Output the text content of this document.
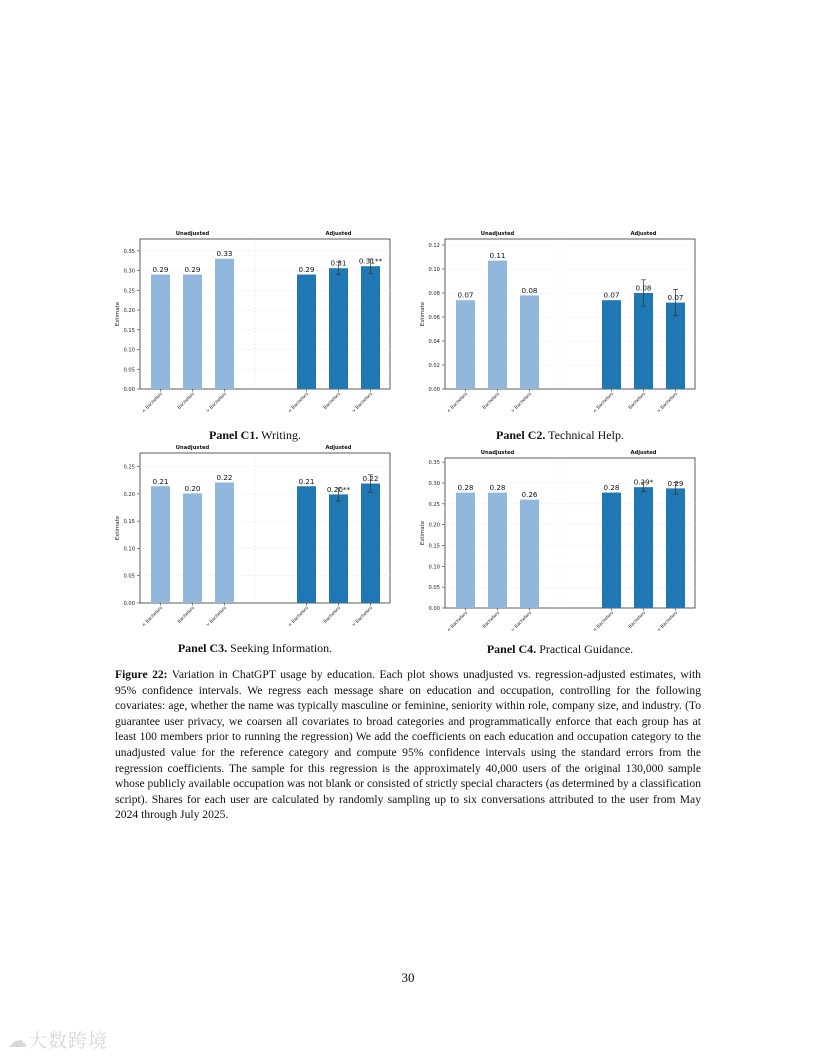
0.00
0.05
0.10
0.15
0.20
0.25
0.30
0.35
Estimate
0.29
< Bachelors
0.29
Bachelors
0.33
> Bachelors
0.29
< Bachelors
0.31
Bachelors
0.31**
> Bachelors
Unadjusted	Adjusted
0.00
0.02
0.04
0.06
0.08
0.10
0.12
Estimate
0.07
< Bachelors
0.11
Bachelors
0.08
> Bachelors
0.07
< Bachelors
0.08
Bachelors
0.07
> Bachelors
Unadjusted	Adjusted
0.00
0.05
0.10
0.15
0.20
0.25
Estimate
0.21
< Bachelors
0.20
Bachelors
0.22
> Bachelors
0.21
< Bachelors
0.20**
Bachelors
0.22
> Bachelors
Unadjusted	Adjusted
0.00
0.05
0.10
0.15
0.20
0.25
0.30
0.35
Estimate
0.28
< Bachelors
0.28
Bachelors
0.26
> Bachelors
0.28
< Bachelors
0.29*
Bachelors
0.29
> Bachelors
Unadjusted	Adjusted
Panel C1. Writing.	Panel C2. Technical Help.
Panel C3. Seeking Information.	Panel C4. Practical Guidance.
Figure 22: Variation in ChatGPT usage by education. Each plot shows unadjusted vs. regression-adjusted estimates, with 95% confidence intervals. We regress each message share on education and occupation, controlling for the following covariates: age, whether the name was typically masculine or feminine, seniority within role, company size, and industry. (To guarantee user privacy, we coarsen all covariates to broad categories and programmatically enforce that each group has at least 100 members prior to running the regression) We add the coefficients on each education and occupation category to the unadjusted value for the reference category and compute 95% confidence intervals using the standard errors from the regression coefficients. The sample for this regression is the approximately 40,000 users of the original 130,000 sample whose publicly available occupation was not blank or consisted of strictly special characters (as determined by a classification script). Shares for each user are calculated by randomly sampling up to six conversations attributed to the user from May 2024 through July 2025.
30
☁大数跨境
